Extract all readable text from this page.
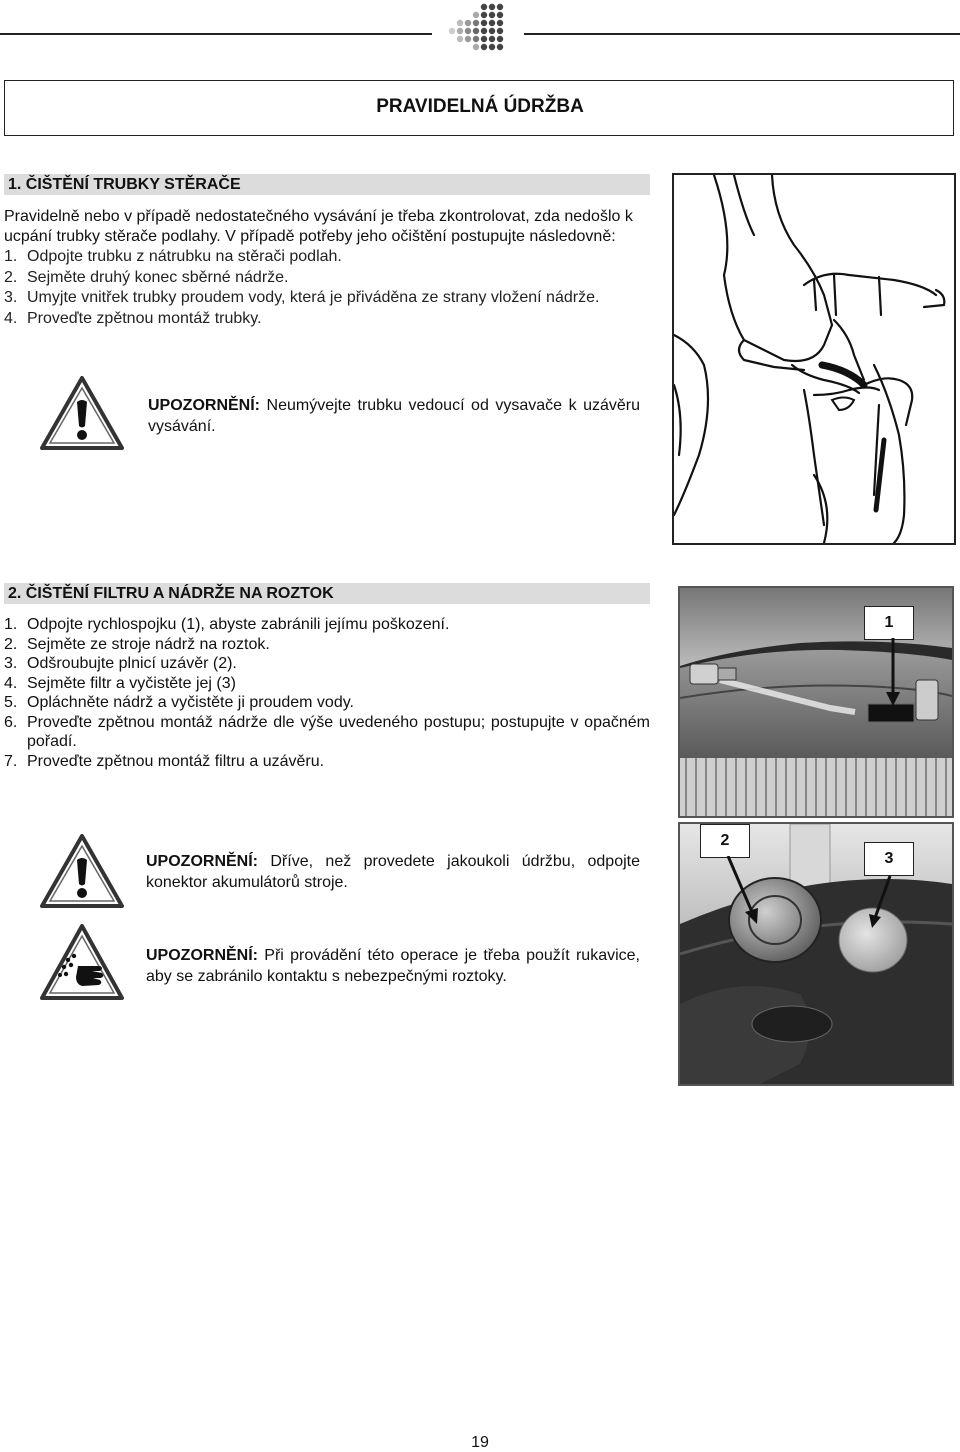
PRAVIDELNÁ ÚDRŽBA
1. ČIŠTĚNÍ TRUBKY STĚRAČE
Pravidelně nebo v případě nedostatečného vysávání je třeba zkontrolovat, zda nedošlo k
ucpání trubky stěrače podlahy. V případě potřeby jeho očištění postupujte následovně:
1. Odpojte trubku z nátrubku na stěrači podlah.
2. Sejměte druhý konec sběrné nádrže.
3. Umyjte vnitřek trubky proudem vody, která je přiváděna ze strany vložení nádrže.
4. Proveďte zpětnou montáž trubky.
UPOZORNĚNÍ: Neumývejte trubku vedoucí od vysavače k uzávěru vysávání.
2. ČIŠTĚNÍ FILTRU A NÁDRŽE NA ROZTOK
1. Odpojte rychlospojku (1), abyste zabránili jejímu poškození.
2. Sejměte ze stroje nádrž na roztok.
3. Odšroubujte plnicí uzávěr (2).
4. Sejměte filtr a vyčistěte jej (3)
5. Opláchněte nádrž a vyčistěte ji proudem vody.
6. Proveďte zpětnou montáž nádrže dle výše uvedeného postupu; postupujte v opačném pořadí.
7. Proveďte zpětnou montáž filtru a uzávěru.
UPOZORNĚNÍ: Dříve, než provedete jakoukoli údržbu, odpojte konektor akumulátorů stroje.
UPOZORNĚNÍ: Při provádění této operace je třeba použít rukavice, aby se zabránilo kontaktu s nebezpečnými roztoky.
1
2
3
19
